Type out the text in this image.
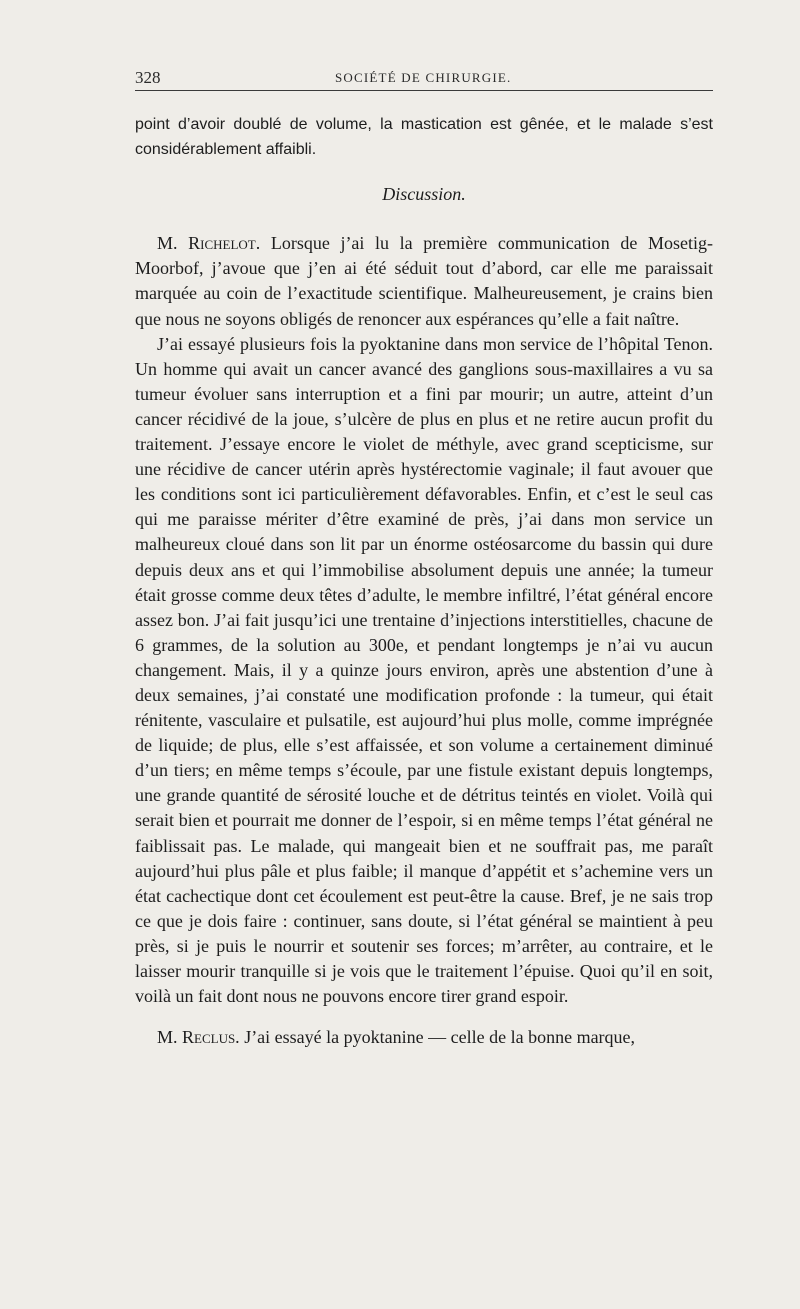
328	SOCIÉTÉ DE CHIRURGIE.

point d’avoir doublé de volume, la mastication est gênée, et le malade s’est considérablement affaibli.

Discussion.

M. Richelot. Lorsque j’ai lu la première communication de Mosetig-Moorbof, j’avoue que j’en ai été séduit tout d’abord, car elle me paraissait marquée au coin de l’exactitude scientifique. Malheureusement, je crains bien que nous ne soyons obligés de renoncer aux espérances qu’elle a fait naître.

J’ai essayé plusieurs fois la pyoktanine dans mon service de l’hôpital Tenon. Un homme qui avait un cancer avancé des ganglions sous-maxillaires a vu sa tumeur évoluer sans interruption et a fini par mourir; un autre, atteint d’un cancer récidivé de la joue, s’ulcère de plus en plus et ne retire aucun profit du traitement. J’essaye encore le violet de méthyle, avec grand scepticisme, sur une récidive de cancer utérin après hystérectomie vaginale; il faut avouer que les conditions sont ici particulièrement défavorables. Enfin, et c’est le seul cas qui me paraisse mériter d’être examiné de près, j’ai dans mon service un malheureux cloué dans son lit par un énorme ostéosarcome du bassin qui dure depuis deux ans et qui l’immobilise absolument depuis une année; la tumeur était grosse comme deux têtes d’adulte, le membre infiltré, l’état général encore assez bon. J’ai fait jusqu’ici une trentaine d’injections interstitielles, chacune de 6 grammes, de la solution au 300e, et pendant longtemps je n’ai vu aucun changement. Mais, il y a quinze jours environ, après une abstention d’une à deux semaines, j’ai constaté une modification profonde : la tumeur, qui était rénitente, vasculaire et pulsatile, est aujourd’hui plus molle, comme imprégnée de liquide; de plus, elle s’est affaissée, et son volume a certainement diminué d’un tiers; en même temps s’écoule, par une fistule existant depuis longtemps, une grande quantité de sérosité louche et de détritus teintés en violet. Voilà qui serait bien et pourrait me donner de l’espoir, si en même temps l’état général ne faiblissait pas. Le malade, qui mangeait bien et ne souffrait pas, me paraît aujourd’hui plus pâle et plus faible; il manque d’appétit et s’achemine vers un état cachectique dont cet écoulement est peut-être la cause. Bref, je ne sais trop ce que je dois faire : continuer, sans doute, si l’état général se maintient à peu près, si je puis le nourrir et soutenir ses forces; m’arrêter, au contraire, et le laisser mourir tranquille si je vois que le traitement l’épuise. Quoi qu’il en soit, voilà un fait dont nous ne pouvons encore tirer grand espoir.

M. Reclus. J’ai essayé la pyoktanine — celle de la bonne marque,
